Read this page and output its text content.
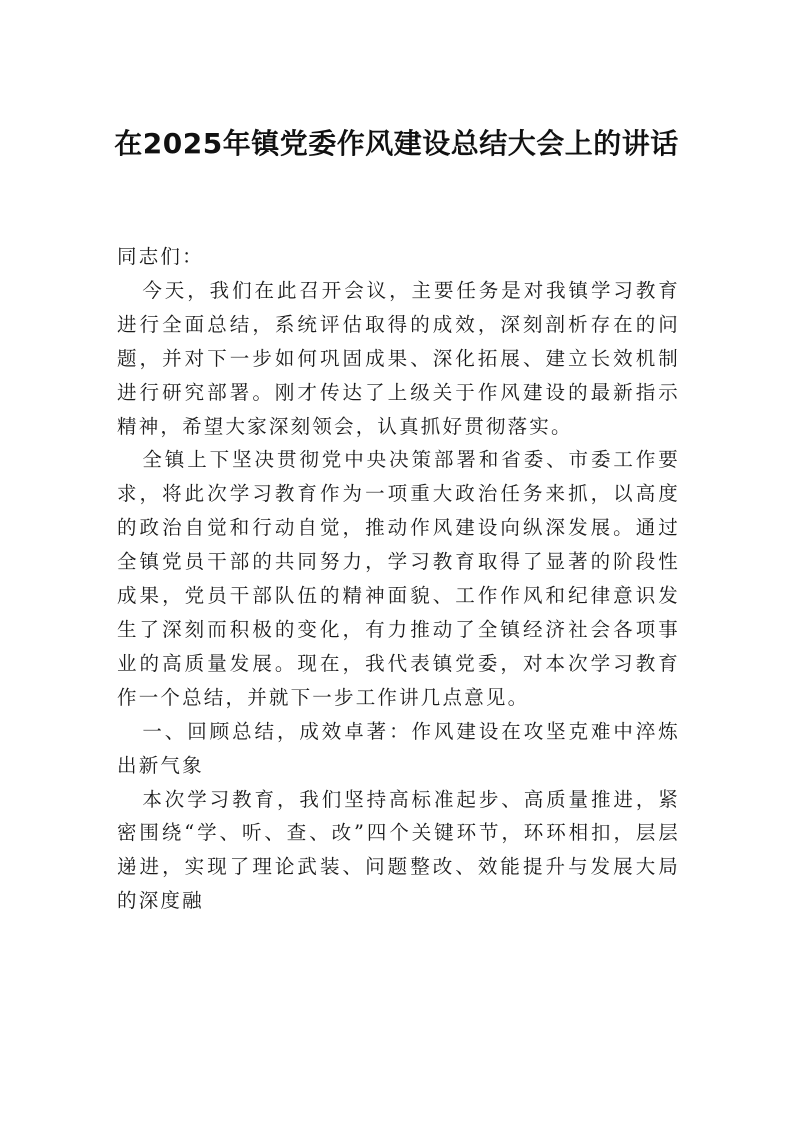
在2025年镇党委作风建设总结大会上的讲话

同志们：

今天，我们在此召开会议，主要任务是对我镇学习教育进行全面总结，系统评估取得的成效，深刻剖析存在的问题，并对下一步如何巩固成果、深化拓展、建立长效机制进行研究部署。刚才传达了上级关于作风建设的最新指示精神，希望大家深刻领会，认真抓好贯彻落实。

全镇上下坚决贯彻党中央决策部署和省委、市委工作要求，将此次学习教育作为一项重大政治任务来抓，以高度的政治自觉和行动自觉，推动作风建设向纵深发展。通过全镇党员干部的共同努力，学习教育取得了显著的阶段性成果，党员干部队伍的精神面貌、工作作风和纪律意识发生了深刻而积极的变化，有力推动了全镇经济社会各项事业的高质量发展。现在，我代表镇党委，对本次学习教育作一个总结，并就下一步工作讲几点意见。

一、回顾总结，成效卓著：作风建设在攻坚克难中淬炼出新气象

本次学习教育，我们坚持高标准起步、高质量推进，紧密围绕“学、听、查、改”四个关键环节，环环相扣，层层递进，实现了理论武装、问题整改、效能提升与发展大局的深度融
